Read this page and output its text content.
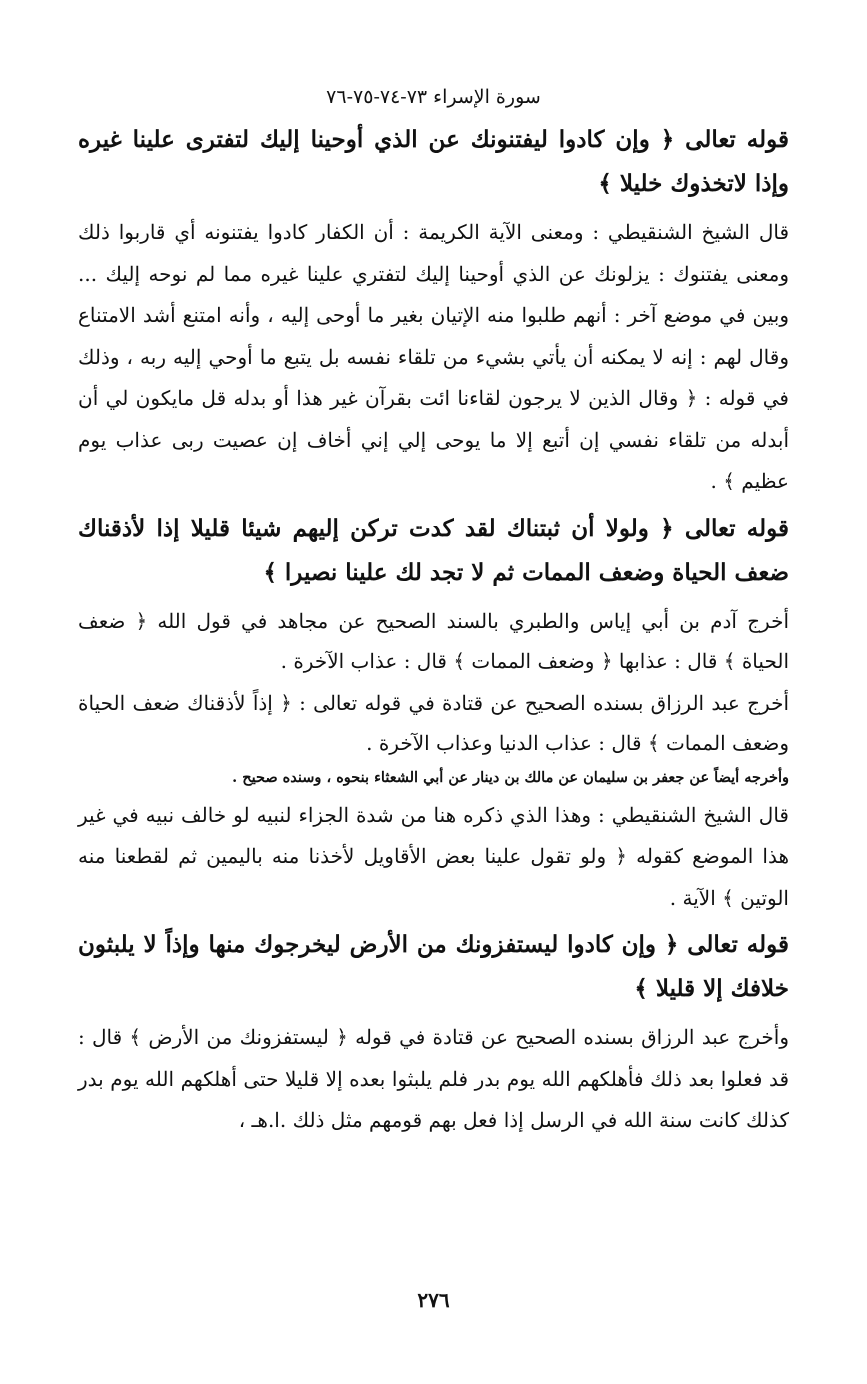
سورة الإسراء ٧٣-٧٤-٧٥-٧٦

قوله تعالى ﴿ وإن كادوا ليفتنونك عن الذي أوحينا إليك لتفترى علينا غيره وإذا لاتخذوك خليلا ﴾

قال الشيخ الشنقيطي : ومعنى الآية الكريمة : أن الكفار كادوا يفتنونه أي قاربوا ذلك ومعنى يفتنوك : يزلونك عن الذي أوحينا إليك لتفتري علينا غيره مما لم نوحه إليك ... وبين في موضع آخر : أنهم طلبوا منه الإتيان بغير ما أوحى إليه ، وأنه امتنع أشد الامتناع وقال لهم : إنه لا يمكنه أن يأتي بشيء من تلقاء نفسه بل يتبع ما أوحي إليه ربه ، وذلك في قوله : ﴿ وقال الذين لا يرجون لقاءنا ائت بقرآن غير هذا أو بدله قل مايكون لي أن أبدله من تلقاء نفسي إن أتبع إلا ما يوحى إلي إني أخاف إن عصيت ربى عذاب يوم عظيم ﴾ .

قوله تعالى ﴿ ولولا أن ثبتناك لقد كدت تركن إليهم شيئا قليلا إذا لأذقناك ضعف الحياة وضعف الممات ثم لا تجد لك علينا نصيرا ﴾

أخرج آدم بن أبي إياس والطبري بالسند الصحيح عن مجاهد في قول الله ﴿ ضعف الحياة ﴾ قال : عذابها ﴿ وضعف الممات ﴾ قال : عذاب الآخرة .

أخرج عبد الرزاق بسنده الصحيح عن قتادة في قوله تعالى : ﴿ إذاً لأذقناك ضعف الحياة وضعف الممات ﴾ قال : عذاب الدنيا وعذاب الآخرة .

وأخرجه أيضاً عن جعفر بن سليمان عن مالك بن دينار عن أبي الشعثاء بنحوه ، وسنده صحيح .

قال الشيخ الشنقيطي : وهذا الذي ذكره هنا من شدة الجزاء لنبيه لو خالف نبيه في غير هذا الموضع كقوله ﴿ ولو تقول علينا بعض الأقاويل لأخذنا منه باليمين ثم لقطعنا منه الوتين ﴾ الآية .

قوله تعالى ﴿ وإن كادوا ليستفزونك من الأرض ليخرجوك منها وإذاً لا يلبثون خلافك إلا قليلا ﴾

وأخرج عبد الرزاق بسنده الصحيح عن قتادة في قوله ﴿ ليستفزونك من الأرض ﴾ قال : قد فعلوا بعد ذلك فأهلكهم الله يوم بدر فلم يلبثوا بعده إلا قليلا حتى أهلكهم الله يوم بدر كذلك كانت سنة الله في الرسل إذا فعل بهم قومهم مثل ذلك .ا.هـ ،

٢٧٦
